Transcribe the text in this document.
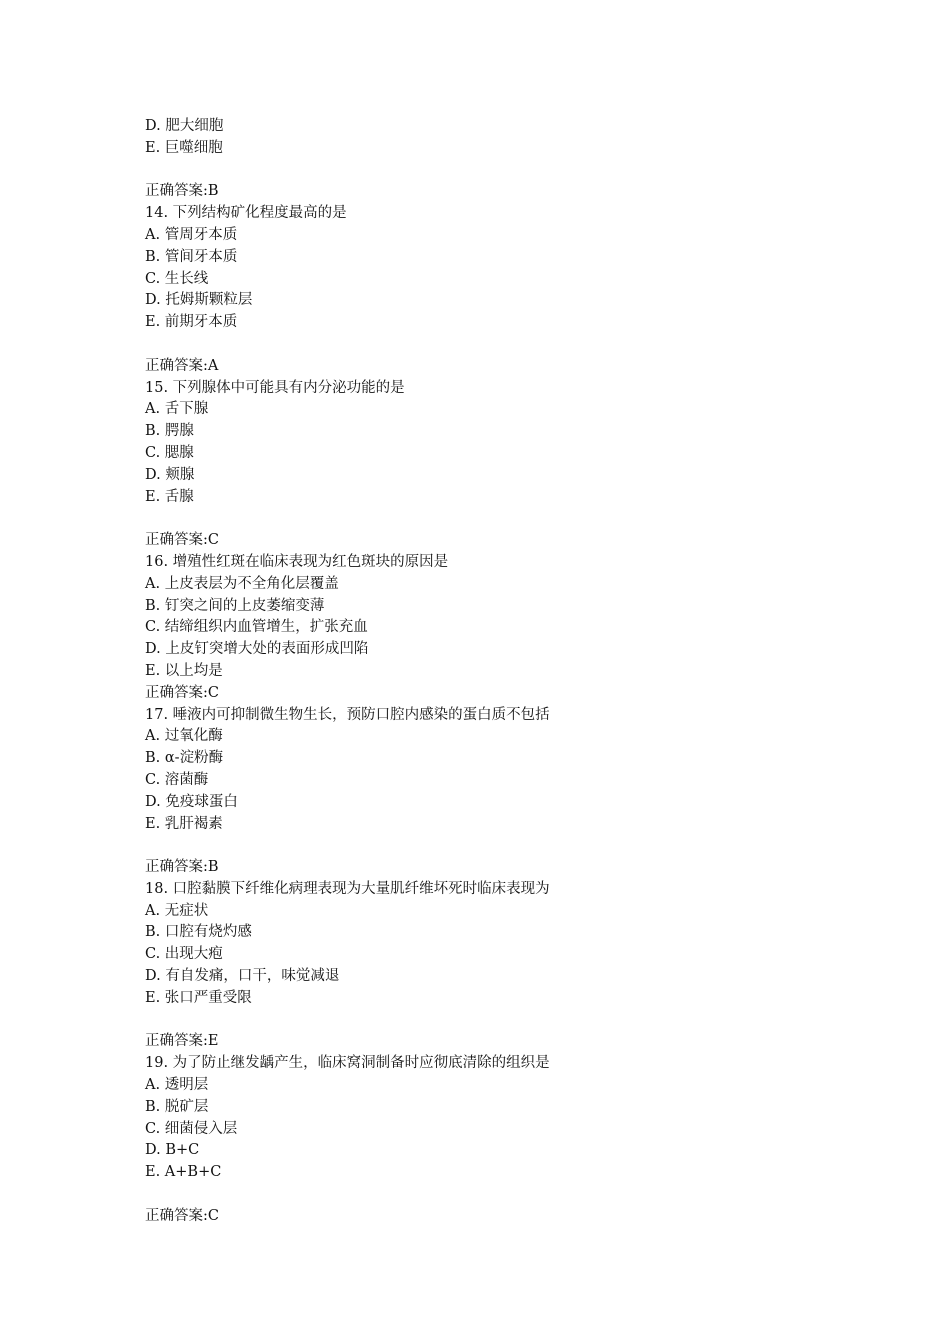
D. 肥大细胞
E. 巨噬细胞
正确答案:B
14. 下列结构矿化程度最高的是
A. 管周牙本质
B. 管间牙本质
C. 生长线
D. 托姆斯颗粒层
E. 前期牙本质
正确答案:A
15. 下列腺体中可能具有内分泌功能的是
A. 舌下腺
B. 腭腺
C. 腮腺
D. 颊腺
E. 舌腺
正确答案:C
16. 增殖性红斑在临床表现为红色斑块的原因是
A. 上皮表层为不全角化层覆盖
B. 钉突之间的上皮萎缩变薄
C. 结缔组织内血管增生，扩张充血
D. 上皮钉突增大处的表面形成凹陷
E. 以上均是
正确答案:C
17. 唾液内可抑制微生物生长，预防口腔内感染的蛋白质不包括
A. 过氧化酶
B. α-淀粉酶
C. 溶菌酶
D. 免疫球蛋白
E. 乳肝褐素
正确答案:B
18. 口腔黏膜下纤维化病理表现为大量肌纤维坏死时临床表现为
A. 无症状
B. 口腔有烧灼感
C. 出现大疱
D. 有自发痛，口干，味觉减退
E. 张口严重受限
正确答案:E
19. 为了防止继发龋产生，临床窝洞制备时应彻底清除的组织是
A. 透明层
B. 脱矿层
C. 细菌侵入层
D. B+C
E. A+B+C
正确答案:C
